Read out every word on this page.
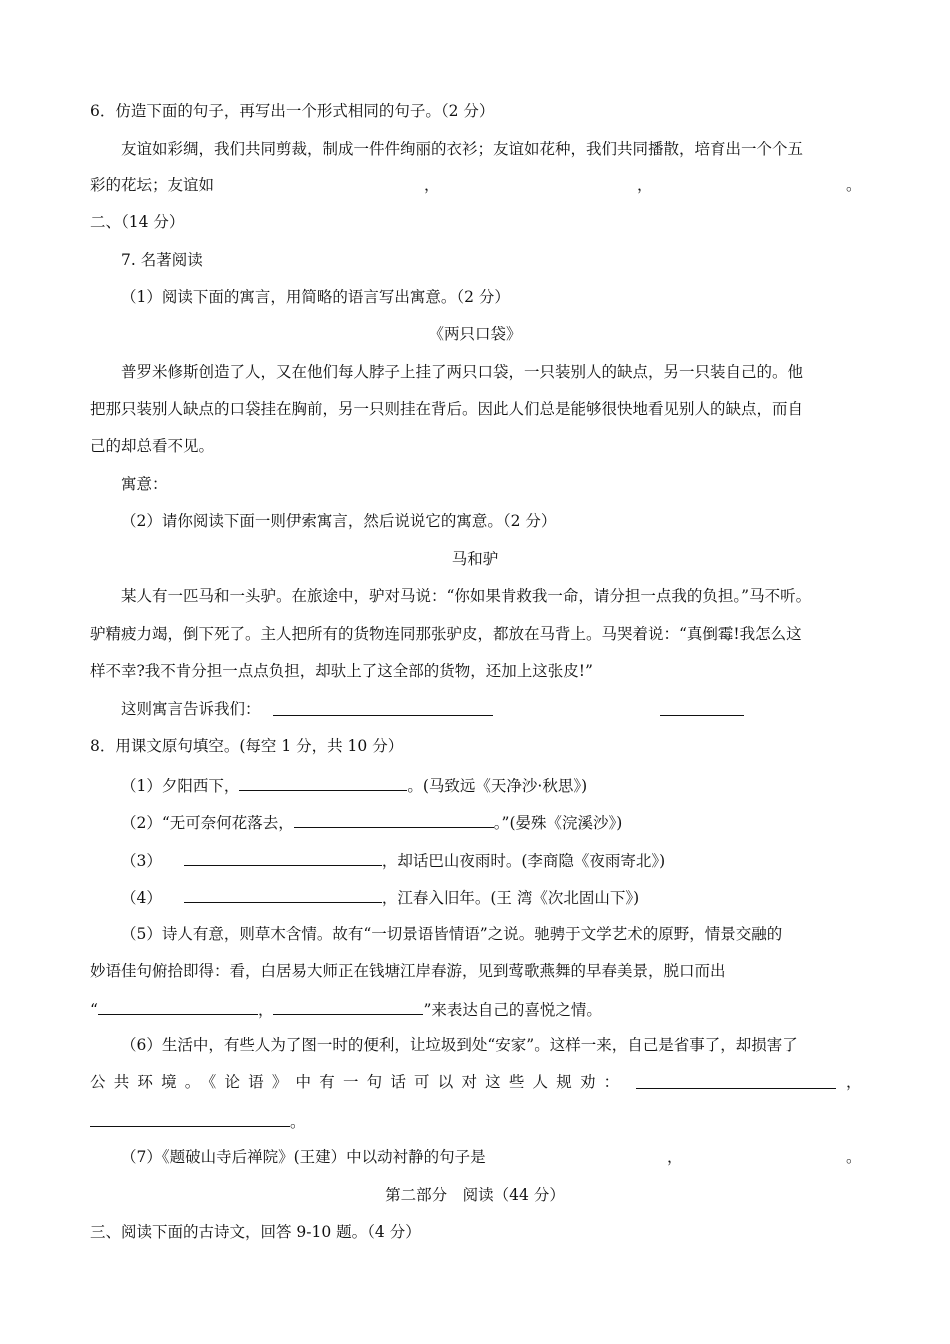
6．仿造下面的句子，再写出一个形式相同的句子。（2 分）
友谊如彩绸，我们共同剪裁，制成一件件绚丽的衣衫；友谊如花种，我们共同播散，培育出一个个五
彩的花坛；友谊如	，	，	。
二、（14 分）
7. 名著阅读
（1）阅读下面的寓言，用简略的语言写出寓意。（2 分）
《两只口袋》
普罗米修斯创造了人，又在他们每人脖子上挂了两只口袋，一只装别人的缺点，另一只装自己的。他
把那只装别人缺点的口袋挂在胸前，另一只则挂在背后。因此人们总是能够很快地看见别人的缺点，而自
己的却总看不见。
寓意：
（2）请你阅读下面一则伊索寓言，然后说说它的寓意。（2 分）
马和驴
某人有一匹马和一头驴。在旅途中，驴对马说：“你如果肯救我一命，请分担一点我的负担。”马不听。
驴精疲力竭，倒下死了。主人把所有的货物连同那张驴皮，都放在马背上。马哭着说：“真倒霉!我怎么这
样不幸?我不肯分担一点点负担，却驮上了这全部的货物，还加上这张皮!”
这则寓言告诉我们：
8．用课文原句填空。(每空 1 分，共 10 分）
（1）夕阳西下，	。(马致远《天净沙·秋思》)
（2）“无可奈何花落去，	。”(晏殊《浣溪沙》)
（3）	，却话巴山夜雨时。(李商隐《夜雨寄北》)
（4）	，江春入旧年。(王 湾《次北固山下》)
（5）诗人有意，则草木含情。故有“一切景语皆情语”之说。驰骋于文学艺术的原野，情景交融的
妙语佳句俯拾即得：看，白居易大师正在钱塘江岸春游，见到莺歌燕舞的早春美景，脱口而出
“	，	”来表达自己的喜悦之情。
（6）生活中，有些人为了图一时的便利，让垃圾到处“安家”。这样一来，自己是省事了，却损害了
公共环境。《论语》中有一句话可以对这些人规劝：	，
。
（7）《题破山寺后禅院》(王建）中以动衬静的句子是	，	。
第二部分　阅读（44 分）
三、阅读下面的古诗文，回答 9-10 题。（4 分）
